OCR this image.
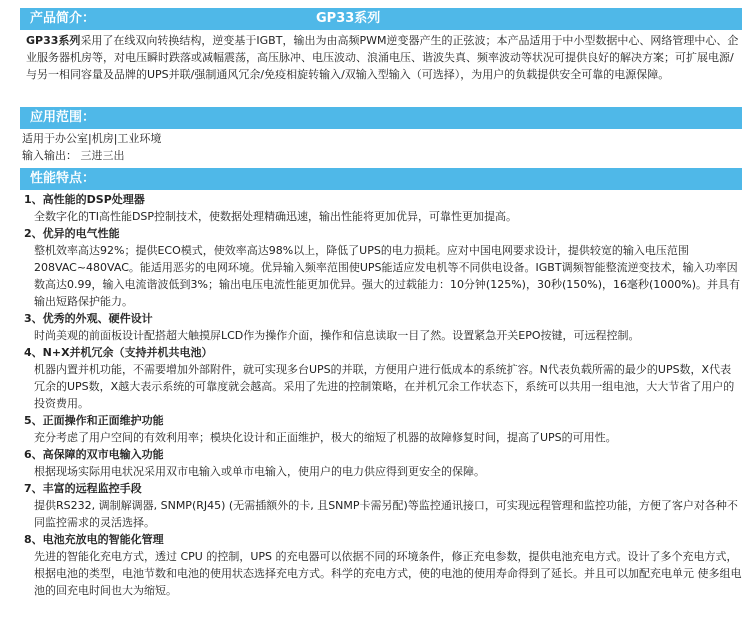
产品简介：	GP33系列
GP33系列采用了在线双向转换结构，逆变基于IGBT，输出为由高频PWM逆变器产生的正弦波；本产品适用于中小型数据中心、网络管理中心、企业服务器机房等，对电压瞬时跌落或减幅震荡，高压脉冲、电压波动、浪涌电压、谐波失真、频率波动等状况可提供良好的解决方案；可扩展电源/与另一相同容量及品牌的UPS并联/强制通风冗余/免疫相旋转输入/双输入型输入（可选择），为用户的负载提供安全可靠的电源保障。
应用范围：
适用于办公室|机房|工业环境
输入输出： 三进三出
性能特点：
1、高性能的DSP处理器
全数字化的TI高性能DSP控制技术，使数据处理精确迅速，输出性能将更加优异，可靠性更加提高。
2、优异的电气性能
整机效率高达92%；提供ECO模式，使效率高达98%以上，降低了UPS的电力损耗。应对中国电网要求设计，提供较宽的输入电压范围208VAC~480VAC。能适用恶劣的电网环境。优异输入频率范围使UPS能适应发电机等不同供电设备。IGBT调频智能整流逆变技术，输入功率因数高达0.99，输入电流谐波低到3%；输出电压电流性能更加优异。强大的过载能力：10分钟(125%)，30秒(150%)，16毫秒(1000%)。并具有输出短路保护能力。
3、优秀的外观、硬件设计
时尚美观的前面板设计配搭超大触摸屏LCD作为操作介面，操作和信息读取一目了然。设置紧急开关EPO按键，可远程控制。
4、N+X并机冗余（支持并机共电池）
机器内置并机功能，不需要增加外部附件，就可实现多台UPS的并联，方便用户进行低成本的系统扩容。N代表负载所需的最少的UPS数，X代表冗余的UPS数，X越大表示系统的可靠度就会越高。采用了先进的控制策略，在并机冗余工作状态下，系统可以共用一组电池，大大节省了用户的投资费用。
5、正面操作和正面维护功能
充分考虑了用户空间的有效利用率；模块化设计和正面维护，极大的缩短了机器的故障修复时间，提高了UPS的可用性。
6、高保障的双市电输入功能
根据现场实际用电状况采用双市电输入或单市电输入，使用户的电力供应得到更安全的保障。
7、丰富的远程监控手段
提供RS232, 调制解调器, SNMP(RJ45) (无需插额外的卡, 且SNMP卡需另配)等监控通讯接口，可实现远程管理和监控功能，方便了客户对各种不同监控需求的灵活选择。
8、电池充放电的智能化管理
先进的智能化充电方式，透过 CPU 的控制，UPS 的充电器可以依据不同的环境条件，修正充电参数，提供电池充电方式。设计了多个充电方式，根据电池的类型，电池节数和电池的使用状态选择充电方式。科学的充电方式，使的电池的使用寿命得到了延长。并且可以加配充电单元 使多组电池的回充电时间也大为缩短。
